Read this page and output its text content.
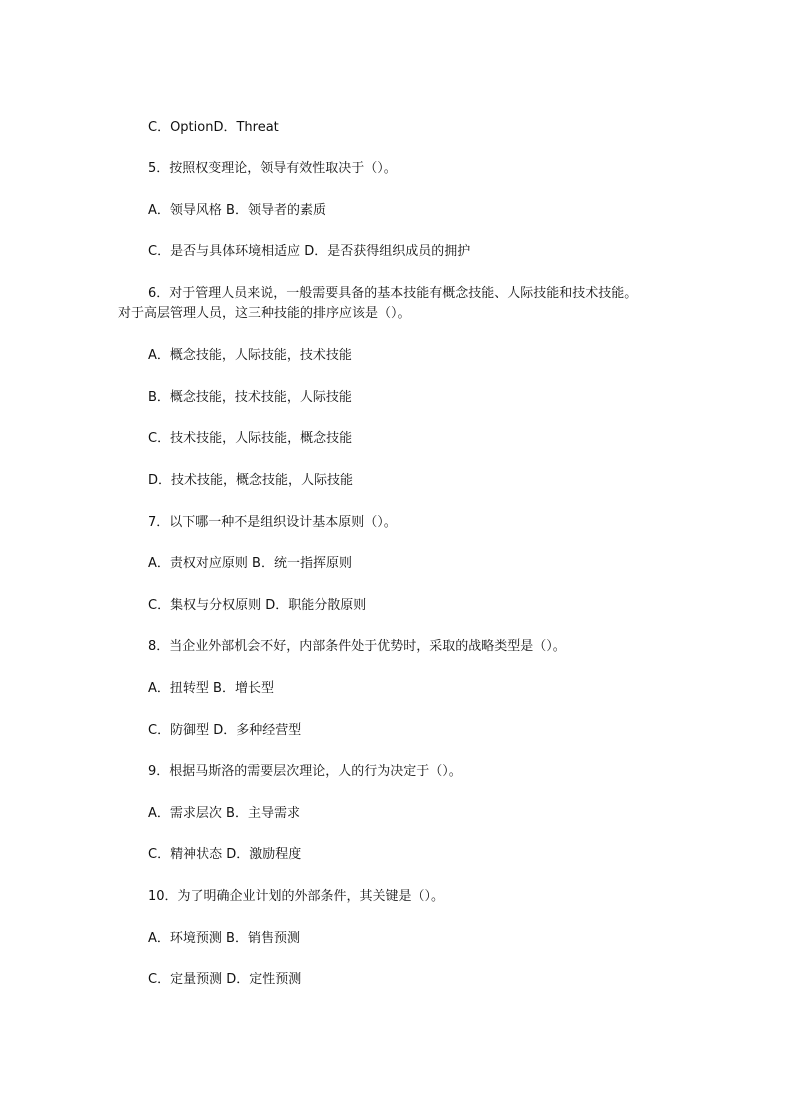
C．OptionD．Threat
5．按照权变理论，领导有效性取决于（）。
A．领导风格 B．领导者的素质
C．是否与具体环境相适应 D．是否获得组织成员的拥护
6．对于管理人员来说，一般需要具备的基本技能有概念技能、人际技能和技术技能。
对于高层管理人员，这三种技能的排序应该是（）。
A．概念技能，人际技能，技术技能
B．概念技能，技术技能，人际技能
C．技术技能，人际技能，概念技能
D．技术技能，概念技能，人际技能
7．以下哪一种不是组织设计基本原则（）。
A．责权对应原则 B．统一指挥原则
C．集权与分权原则 D．职能分散原则
8．当企业外部机会不好，内部条件处于优势时，采取的战略类型是（）。
A．扭转型 B．增长型
C．防御型 D．多种经营型
9．根据马斯洛的需要层次理论，人的行为决定于（）。
A．需求层次 B．主导需求
C．精神状态 D．激励程度
10．为了明确企业计划的外部条件，其关键是（）。
A．环境预测 B．销售预测
C．定量预测 D．定性预测
